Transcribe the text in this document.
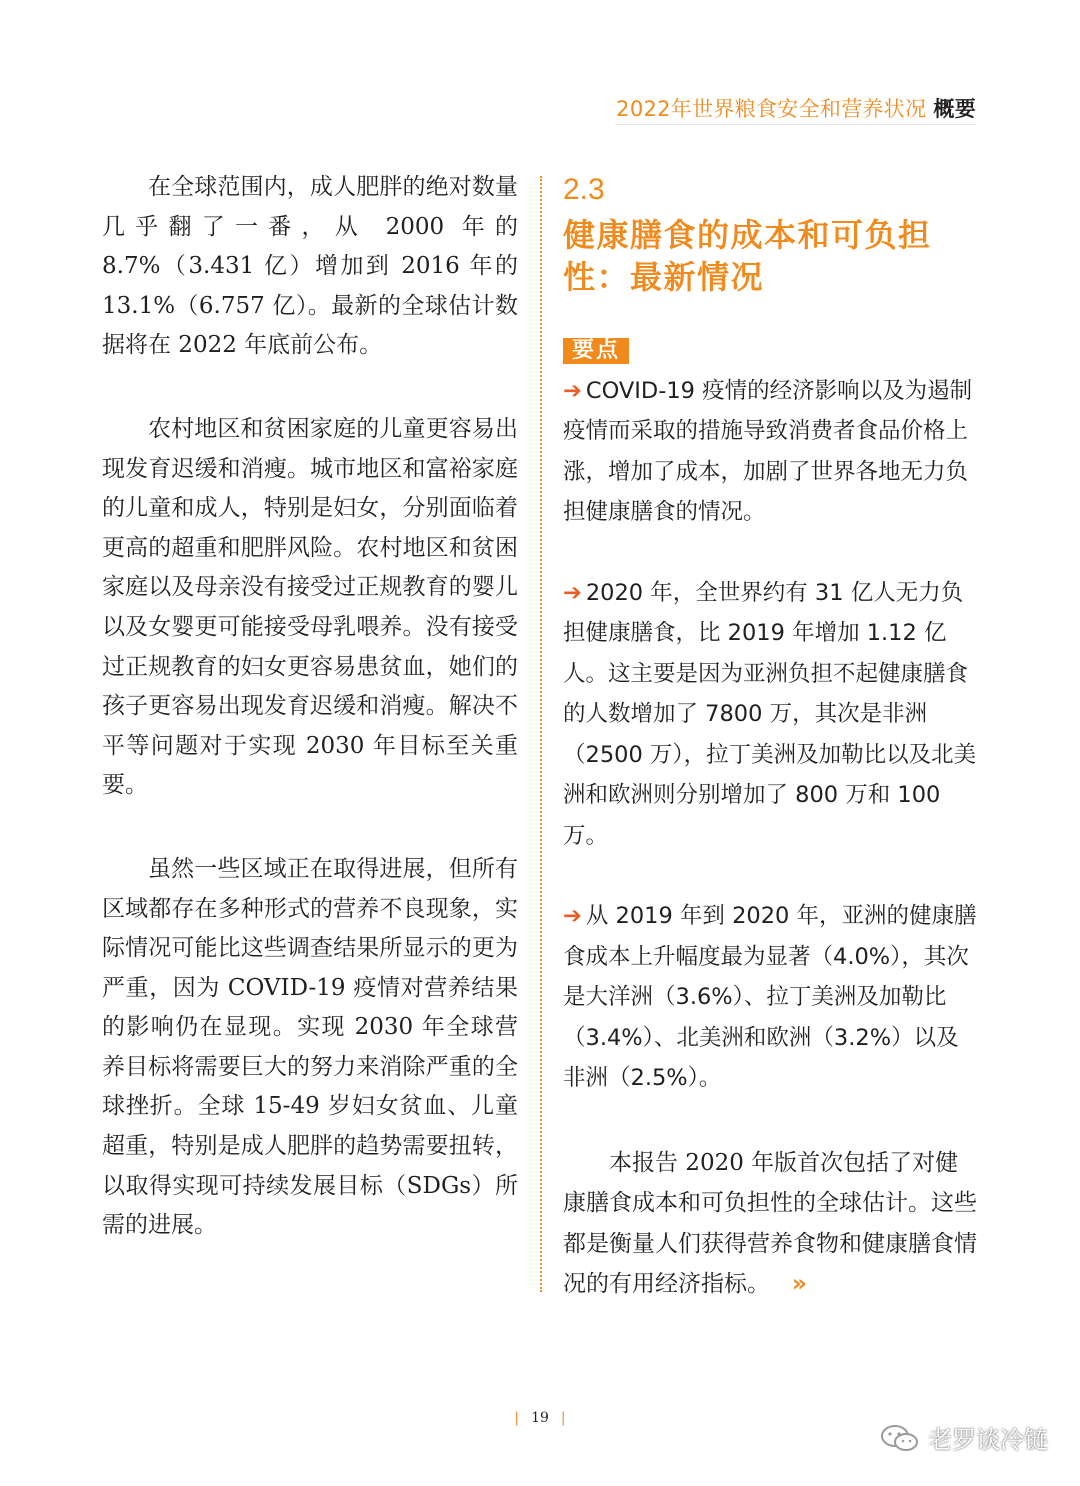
2022年世界粮食安全和营养状况 概要

在全球范围内，成人肥胖的绝对数量几乎翻了一番，从 2000 年的 8.7%（3.431 亿）增加到 2016 年的 13.1%（6.757 亿）。最新的全球估计数据将在 2022 年底前公布。

农村地区和贫困家庭的儿童更容易出现发育迟缓和消瘦。城市地区和富裕家庭的儿童和成人，特别是妇女，分别面临着更高的超重和肥胖风险。农村地区和贫困家庭以及母亲没有接受过正规教育的婴儿以及女婴更可能接受母乳喂养。没有接受过正规教育的妇女更容易患贫血，她们的孩子更容易出现发育迟缓和消瘦。解决不平等问题对于实现 2030 年目标至关重要。

虽然一些区域正在取得进展，但所有区域都存在多种形式的营养不良现象，实际情况可能比这些调查结果所显示的更为严重，因为 COVID-19 疫情对营养结果的影响仍在显现。实现 2030 年全球营养目标将需要巨大的努力来消除严重的全球挫折。全球 15-49 岁妇女贫血、儿童超重，特别是成人肥胖的趋势需要扭转，以取得实现可持续发展目标（SDGs）所需的进展。

2.3
健康膳食的成本和可负担性：最新情况
要点

➔ COVID-19 疫情的经济影响以及为遏制疫情而采取的措施导致消费者食品价格上涨，增加了成本，加剧了世界各地无力负担健康膳食的情况。

➔ 2020 年，全世界约有 31 亿人无力负担健康膳食，比 2019 年增加 1.12 亿人。这主要是因为亚洲负担不起健康膳食的人数增加了 7800 万，其次是非洲（2500 万），拉丁美洲及加勒比以及北美洲和欧洲则分别增加了 800 万和 100 万。

➔ 从 2019 年到 2020 年，亚洲的健康膳食成本上升幅度最为显著（4.0%），其次是大洋洲（3.6%）、拉丁美洲及加勒比（3.4%）、北美洲和欧洲（3.2%）以及非洲（2.5%）。

本报告 2020 年版首次包括了对健康膳食成本和可负担性的全球估计。这些都是衡量人们获得营养食物和健康膳食情况的有用经济指标。 »

| 19 |
老罗谈冷链
